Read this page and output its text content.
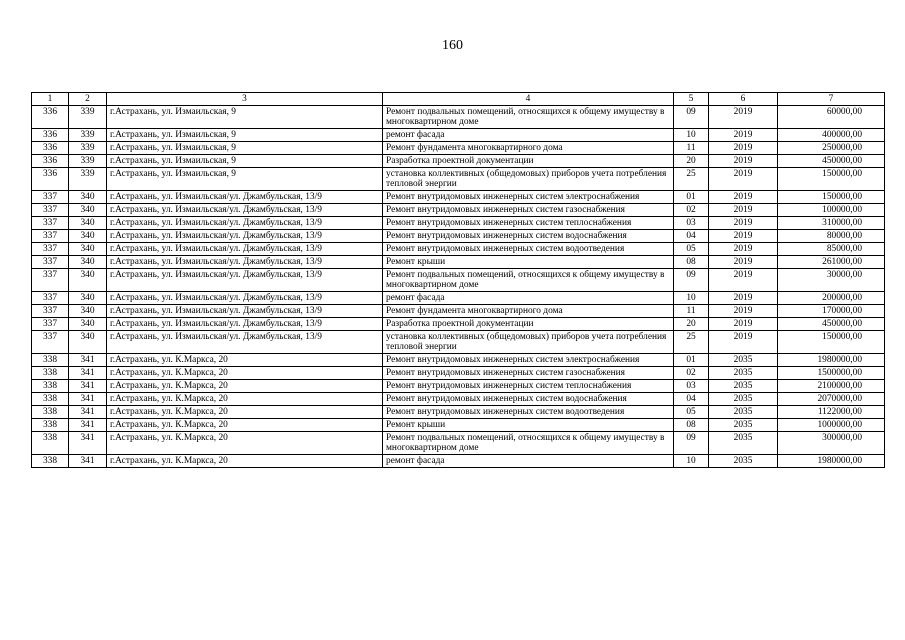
160
1	2	3	4	5	6	7
336	339	г.Астрахань, ул. Измаильская, 9	Ремонт подвальных помещений, относящихся к общему имуществу в многоквартирном доме	09	2019	60000,00
336	339	г.Астрахань, ул. Измаильская, 9	ремонт фасада	10	2019	400000,00
336	339	г.Астрахань, ул. Измаильская, 9	Ремонт фундамента многоквартирного дома	11	2019	250000,00
336	339	г.Астрахань, ул. Измаильская, 9	Разработка проектной документации	20	2019	450000,00
336	339	г.Астрахань, ул. Измаильская, 9	установка коллективных (общедомовых) приборов учета потребления тепловой энергии	25	2019	150000,00
337	340	г.Астрахань, ул. Измаильская/ул. Джамбульская, 13/9	Ремонт внутридомовых инженерных систем электроснабжения	01	2019	150000,00
337	340	г.Астрахань, ул. Измаильская/ул. Джамбульская, 13/9	Ремонт внутридомовых инженерных систем газоснабжения	02	2019	100000,00
337	340	г.Астрахань, ул. Измаильская/ул. Джамбульская, 13/9	Ремонт внутридомовых инженерных систем теплоснабжения	03	2019	310000,00
337	340	г.Астрахань, ул. Измаильская/ул. Джамбульская, 13/9	Ремонт внутридомовых инженерных систем водоснабжения	04	2019	80000,00
337	340	г.Астрахань, ул. Измаильская/ул. Джамбульская, 13/9	Ремонт внутридомовых инженерных систем водоотведения	05	2019	85000,00
337	340	г.Астрахань, ул. Измаильская/ул. Джамбульская, 13/9	Ремонт крыши	08	2019	261000,00
337	340	г.Астрахань, ул. Измаильская/ул. Джамбульская, 13/9	Ремонт подвальных помещений, относящихся к общему имуществу в многоквартирном доме	09	2019	30000,00
337	340	г.Астрахань, ул. Измаильская/ул. Джамбульская, 13/9	ремонт фасада	10	2019	200000,00
337	340	г.Астрахань, ул. Измаильская/ул. Джамбульская, 13/9	Ремонт фундамента многоквартирного дома	11	2019	170000,00
337	340	г.Астрахань, ул. Измаильская/ул. Джамбульская, 13/9	Разработка проектной документации	20	2019	450000,00
337	340	г.Астрахань, ул. Измаильская/ул. Джамбульская, 13/9	установка коллективных (общедомовых) приборов учета потребления тепловой энергии	25	2019	150000,00
338	341	г.Астрахань, ул. К.Маркса, 20	Ремонт внутридомовых инженерных систем электроснабжения	01	2035	1980000,00
338	341	г.Астрахань, ул. К.Маркса, 20	Ремонт внутридомовых инженерных систем газоснабжения	02	2035	1500000,00
338	341	г.Астрахань, ул. К.Маркса, 20	Ремонт внутридомовых инженерных систем теплоснабжения	03	2035	2100000,00
338	341	г.Астрахань, ул. К.Маркса, 20	Ремонт внутридомовых инженерных систем водоснабжения	04	2035	2070000,00
338	341	г.Астрахань, ул. К.Маркса, 20	Ремонт внутридомовых инженерных систем водоотведения	05	2035	1122000,00
338	341	г.Астрахань, ул. К.Маркса, 20	Ремонт крыши	08	2035	1000000,00
338	341	г.Астрахань, ул. К.Маркса, 20	Ремонт подвальных помещений, относящихся к общему имуществу в многоквартирном доме	09	2035	300000,00
338	341	г.Астрахань, ул. К.Маркса, 20	ремонт фасада	10	2035	1980000,00
